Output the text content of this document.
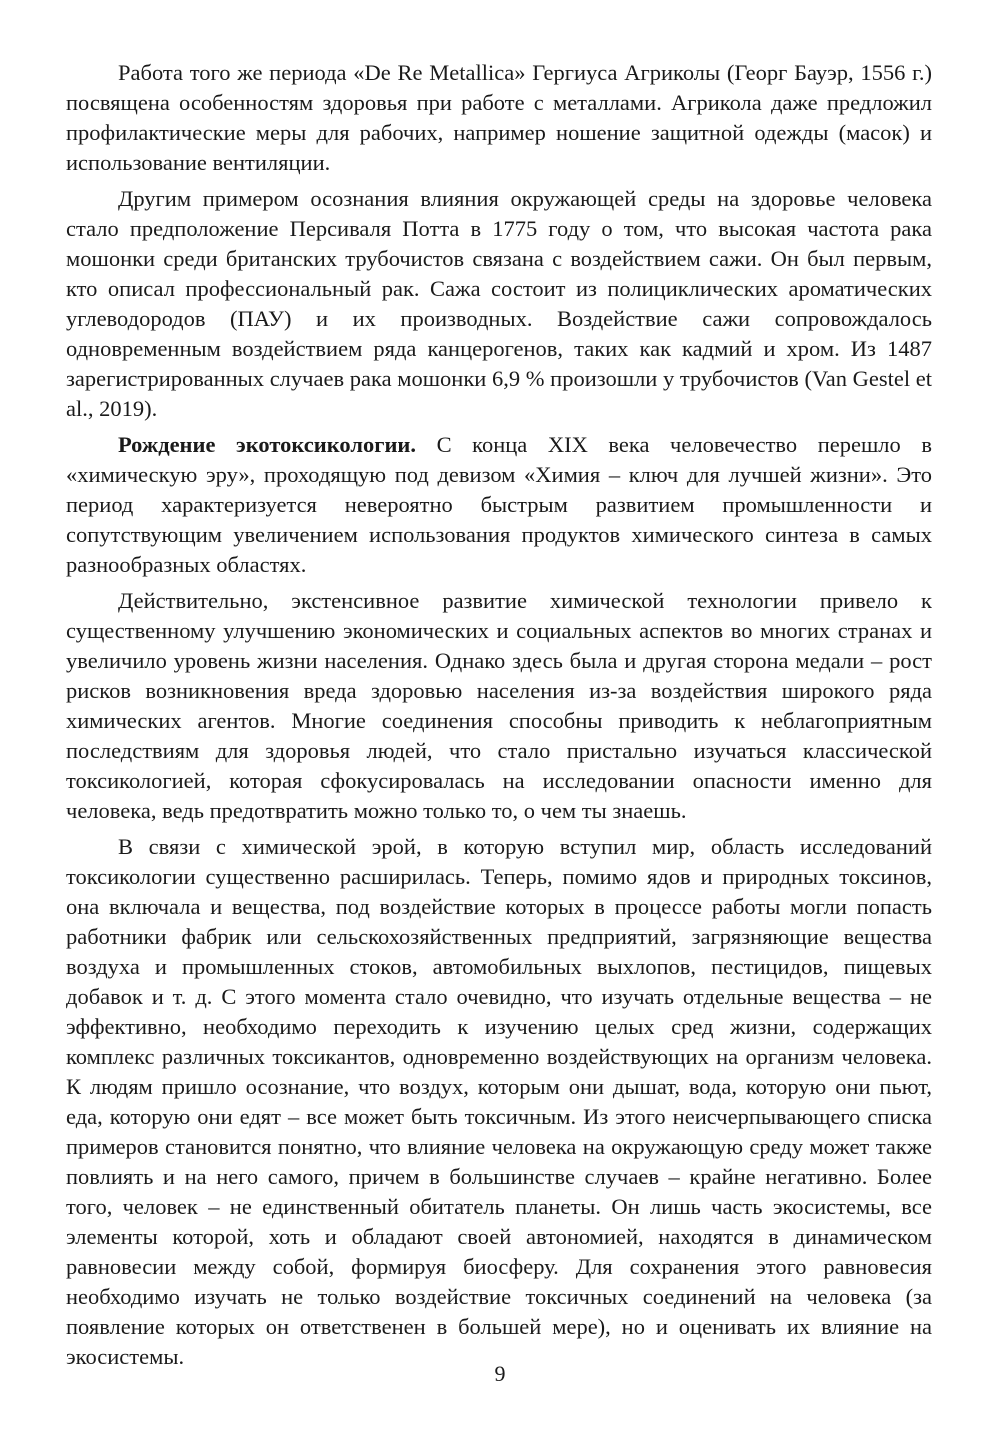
Работа того же периода «De Re Metallica» Гергиуса Агриколы (Георг Бауэр, 1556 г.) посвящена особенностям здоровья при работе с металлами. Агрикола даже предложил профилактические меры для рабочих, например ношение защитной одежды (масок) и использование вентиляции.

Другим примером осознания влияния окружающей среды на здоровье человека стало предположение Персиваля Потта в 1775 году о том, что высокая частота рака мошонки среди британских трубочистов связана с воздействием сажи. Он был первым, кто описал профессиональный рак. Сажа состоит из полициклических ароматических углеводородов (ПАУ) и их производных. Воздействие сажи сопровождалось одновременным воздействием ряда канцерогенов, таких как кадмий и хром. Из 1487 зарегистрированных случаев рака мошонки 6,9 % произошли у трубочистов (Van Gestel et al., 2019).

Рождение экотоксикологии. С конца XIX века человечество перешло в «химическую эру», проходящую под девизом «Химия – ключ для лучшей жизни». Это период характеризуется невероятно быстрым развитием промышленности и сопутствующим увеличением использования продуктов химического синтеза в самых разнообразных областях.

Действительно, экстенсивное развитие химической технологии привело к существенному улучшению экономических и социальных аспектов во многих странах и увеличило уровень жизни населения. Однако здесь была и другая сторона медали – рост рисков возникновения вреда здоровью населения из-за воздействия широкого ряда химических агентов. Многие соединения способны приводить к неблагоприятным последствиям для здоровья людей, что стало пристально изучаться классической токсикологией, которая сфокусировалась на исследовании опасности именно для человека, ведь предотвратить можно только то, о чем ты знаешь.

В связи с химической эрой, в которую вступил мир, область исследований токсикологии существенно расширилась. Теперь, помимо ядов и природных токсинов, она включала и вещества, под воздействие которых в процессе работы могли попасть работники фабрик или сельскохозяйственных предприятий, загрязняющие вещества воздуха и промышленных стоков, автомобильных выхлопов, пестицидов, пищевых добавок и т. д. С этого момента стало очевидно, что изучать отдельные вещества – не эффективно, необходимо переходить к изучению целых сред жизни, содержащих комплекс различных токсикантов, одновременно воздействующих на организм человека. К людям пришло осознание, что воздух, которым они дышат, вода, которую они пьют, еда, которую они едят – все может быть токсичным. Из этого неисчерпывающего списка примеров становится понятно, что влияние человека на окружающую среду может также повлиять и на него самого, причем в большинстве случаев – крайне негативно. Более того, человек – не единственный обитатель планеты. Он лишь часть экосистемы, все элементы которой, хоть и обладают своей автономией, находятся в динамическом равновесии между собой, формируя биосферу. Для сохранения этого равновесия необходимо изучать не только воздействие токсичных соединений на человека (за появление которых он ответственен в большей мере), но и оценивать их влияние на экосистемы.

9
